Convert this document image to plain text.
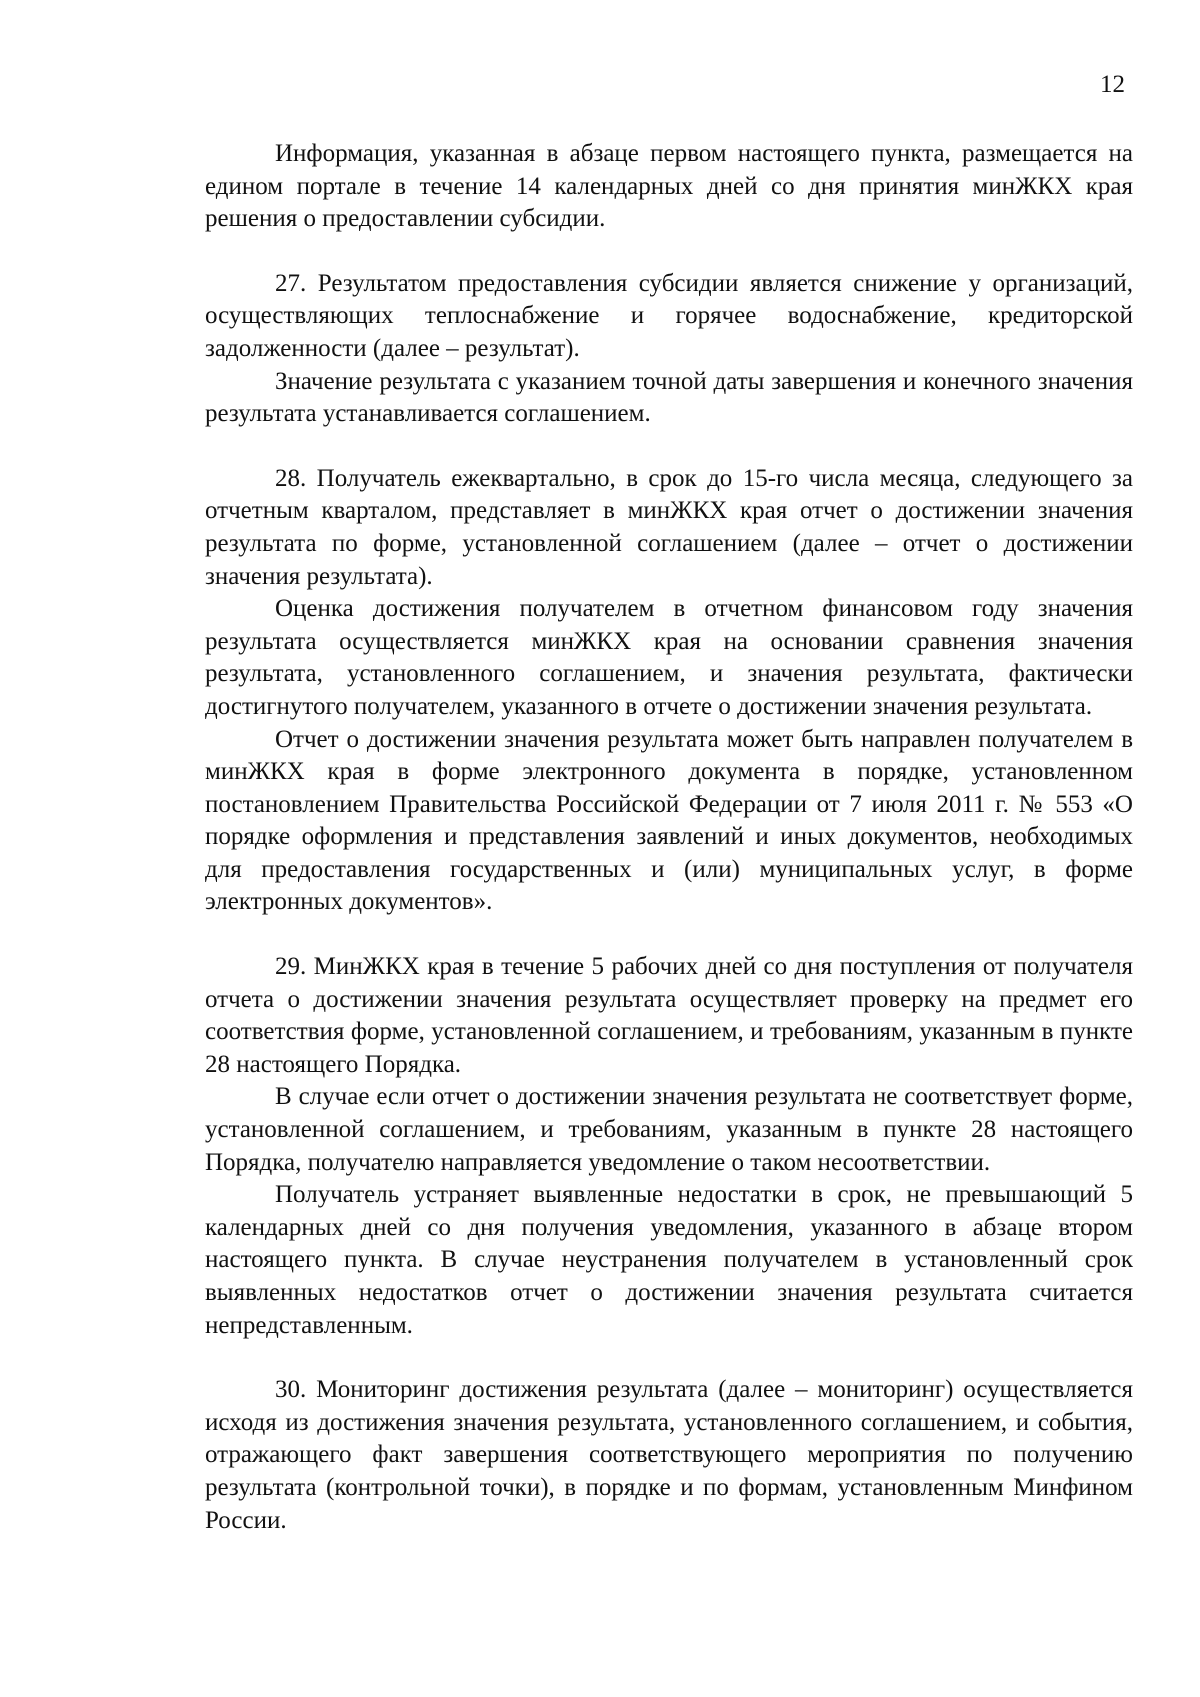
12

Информация, указанная в абзаце первом настоящего пункта, размещается на едином портале в течение 14 календарных дней со дня принятия минЖКХ края решения о предоставлении субсидии.

27. Результатом предоставления субсидии является снижение у организаций, осуществляющих теплоснабжение и горячее водоснабжение, кредиторской задолженности (далее – результат).

Значение результата с указанием точной даты завершения и конечного значения результата устанавливается соглашением.

28. Получатель ежеквартально, в срок до 15-го числа месяца, следующего за отчетным кварталом, представляет в минЖКХ края отчет о достижении значения результата по форме, установленной соглашением (далее – отчет о достижении значения результата).

Оценка достижения получателем в отчетном финансовом году значения результата осуществляется минЖКХ края на основании сравнения значения результата, установленного соглашением, и значения результата, фактически достигнутого получателем, указанного в отчете о достижении значения результата.

Отчет о достижении значения результата может быть направлен получателем в минЖКХ края в форме электронного документа в порядке, установленном постановлением Правительства Российской Федерации от 7 июля 2011 г. № 553 «О порядке оформления и представления заявлений и иных документов, необходимых для предоставления государственных и (или) муниципальных услуг, в форме электронных документов».

29. МинЖКХ края в течение 5 рабочих дней со дня поступления от получателя отчета о достижении значения результата осуществляет проверку на предмет его соответствия форме, установленной соглашением, и требованиям, указанным в пункте 28 настоящего Порядка.

В случае если отчет о достижении значения результата не соответствует форме, установленной соглашением, и требованиям, указанным в пункте 28 настоящего Порядка, получателю направляется уведомление о таком несоответствии.

Получатель устраняет выявленные недостатки в срок, не превышающий 5 календарных дней со дня получения уведомления, указанного в абзаце втором настоящего пункта. В случае неустранения получателем в установленный срок выявленных недостатков отчет о достижении значения результата считается непредставленным.

30. Мониторинг достижения результата (далее – мониторинг) осуществляется исходя из достижения значения результата, установленного соглашением, и события, отражающего факт завершения соответствующего мероприятия по получению результата (контрольной точки), в порядке и по формам, установленным Минфином России.
